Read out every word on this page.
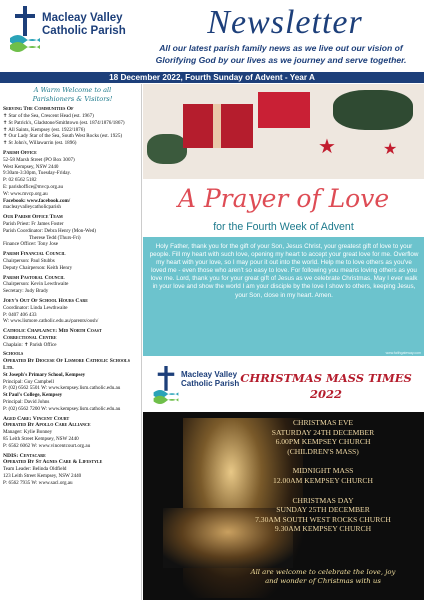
Macleay Valley
Catholic Parish	Newsletter
All our latest parish family news as we live out our vision of
Glorifying God by our lives as we journey and serve together.
18 December 2022, Fourth Sunday of Advent - Year A
A Warm Welcome to all
Parishioners & Visitors!
Serving The Communities Of
✝ Star of the Sea, Crescent Head (est. 1967)
✝ St Patrick's, Gladstone/Smithtown (est. 1874/1876/1867)
✝ All Saints, Kempsey (est. 1922/1876)
✝ Our Lady Star of the Sea, South West Rocks (est. 1925)
✝ St John's, Willawarrin (est. 1896)
Parish Office
52-58 Marsh Street (PO Box 3007)
West Kempsey, NSW 2440
9:30am-3:30pm, Tuesday-Friday.
P: 02 6562 5182
E: parishoffice@mvcp.org.au
W: www.mvcp.org.au
Facebook: www.facebook.com/
macleayvalleycatholicparish
Our Parish Office Team
Parish Priest: Fr James Foster
Parish Coordinator: Debra Henry (Mon-Wed)
Therese Tedd (Thurs-Fri)
Finance Officer: Tony Jose
Parish Financial Council
Chairperson: Paul Stubbs
Deputy Chairperson: Keith Henry
Parish Pastoral Council
Chairperson: Kevin Lewthwaite
Secretary: Judy Brady
Joey's Out Of School Hours Care
Coordinator: Linda Lewthwaite
P: 0407 406 433
W: www.lismore.catholic.edu.au/parents/oosh/
Catholic Chaplaincy: Mid North Coast
Correctional Centre
Chaplain: ✝ Parish Office
Schools
Operated By Diocese Of Lismore Catholic Schools Ltd.
St Joseph's Primary School, Kempsey
Principal: Guy Campbell
P: (02) 6562 5501 W: www.kempsey.lism.catholic.edu.au
St Paul's College, Kempsey
Principal: David Johns
P: (02) 6562 7200 W: www.kempsey.lism.catholic.edu.au
Aged Care: Vincent Court
Operated By Apollo Care Alliance
Manager: Kylie Bonney
85 Leith Street Kempsey, NSW 2440
P: 6562 6062 W: www.vincentcourt.org.au
NDIS: Centacare
Operated By St Agnes Care & Lifestyle
Team Leader: Belinda Oldfield
123 Leith Street Kempsey, NSW 2440
P: 6562 7935 W: www.sacl.org.au
★	★
A Prayer of Love
for the Fourth Week of Advent
Holy Father, thank you for the gift of your Son, Jesus Christ, your greatest gift of love to your people. Fill my heart with such love, opening my heart to accept your great love for me. Overflow my heart with your love, so I may pour it out into the world. Help me to love others as you've loved me - even those who aren't so easy to love. For following you means loving others as you love me. Lord, thank you for your great gift of Jesus as we celebrate Christmas. May I ever walk in your love and show the world I am your disciple by the love I show to others, keeping Jesus, your Son, close in my heart. Amen.
www.faithgateway.com
Macleay Valley
Catholic Parish CHRISTMAS MASS TIMES
2022
CHRISTMAS EVE
SATURDAY 24TH DECEMBER
6.00PM KEMPSEY CHURCH
(CHILDREN'S MASS)
MIDNIGHT MASS
12.00AM KEMPSEY CHURCH
CHRISTMAS DAY
SUNDAY 25TH DECEMBER
7.30AM SOUTH WEST ROCKS CHURCH
9.30AM KEMPSEY CHURCH
All are welcome to celebrate the love, joy
and wonder of Christmas with us
